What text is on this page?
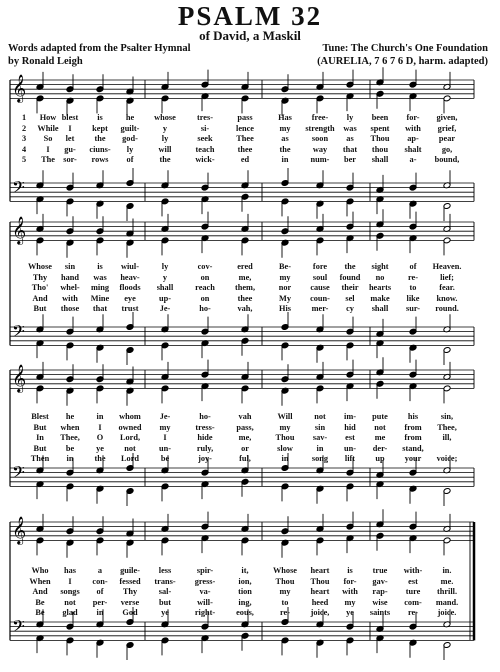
PSALM 32
of David, a Maskil
Words adapted from the Psalter Hymnal
by Ronald Leigh
Tune: The Church's One Foundation
(AURELIA, 7 6 7 6 D, harm. adapted)
𝄞
𝄢
𝄞
𝄢
𝄞
𝄢
𝄞
𝄢
1 How blest is	he whose	tres-	pass	Has free- ly been for- given,
2 While I kept guilt-	y	si-	lence	my strength was spent with grief,
3 So let the god-	ly	seek	Thee	as	soon as Thou ap- pear
4 I gu- ciuns- ly	will	teach	thee	the	way that thou shalt go,
5 The sor- rows of	the	wick-	ed	in	num- ber shall	a- bound,
Whose sin	is wiul-	ly	cov-	ered	Be-	fore the sight	of Heaven.
Thy hand was heav-	y	on	me,	my	soul found no	re-	lief;
Tho' whel- ming floods shall	reach them,	nor cause their hearts to	fear.
And with Mine eye	up-	on	thee	My coun- sel make like know.
But those that trust	Je-	ho-	vah,	His mer- cy shall sur- round.
Blest he	in whom Je-	ho-	vah	Will	not im- pute his	sin,
But when I owned my	tress-	pass,	my	sin hid not from Thee,
In Thee, O Lord,	I	hide	me,	Thou sav- est me from	ill,
But be	ye not	un-	ruly,	or	slow	in un- der- stand,
Then in	the Lord	be	joy-	ful,	in	song lift up your voice;
Who has	a guile- less	spir-	it,	Whose heart is true with- in.
When I	con- fessed trans- gress-	ion,	Thou Thou for- gav- est	me.
And songs of Thy	sal-	va-	tion	my heart with rap- ture thrill.
Be not per- verse but	will-	ing,	to	heed my wise com- mand.
Be glad in God	ye	right-	eous,	re- joice, ye saints re- joice.
